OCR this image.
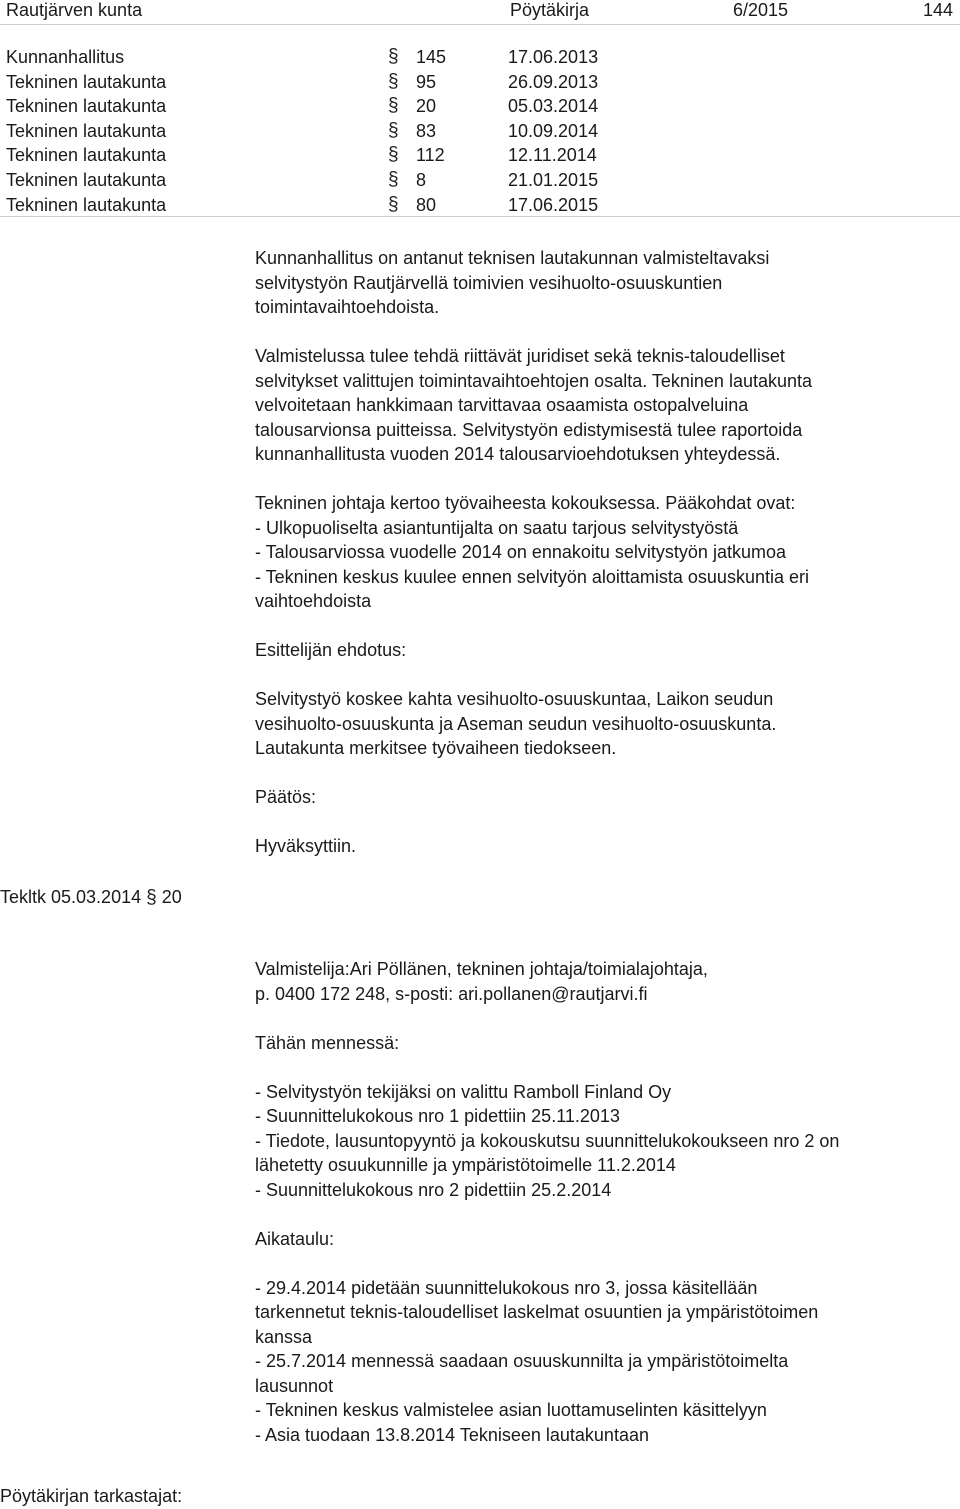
Rautjärven kunta	Pöytäkirja	6/2015	144
Kunnanhallitus	§ 145	17.06.2013
Tekninen lautakunta	§ 95	26.09.2013
Tekninen lautakunta	§ 20	05.03.2014
Tekninen lautakunta	§ 83	10.09.2014
Tekninen lautakunta	§ 112	12.11.2014
Tekninen lautakunta	§ 8	21.01.2015
Tekninen lautakunta	§ 80	17.06.2015

Kunnanhallitus on antanut teknisen lautakunnan valmisteltavaksi
selvitystyön Rautjärvellä toimivien vesihuolto-osuuskuntien
toimintavaihtoehdoista.

Valmistelussa tulee tehdä riittävät juridiset sekä teknis-taloudelliset
selvitykset valittujen toimintavaihtoehtojen osalta. Tekninen lautakunta
velvoitetaan hankkimaan tarvittavaa osaamista ostopalveluina
talousarvionsa puitteissa. Selvitystyön edistymisestä tulee raportoida
kunnanhallitusta vuoden 2014 talousarvioehdotuksen yhteydessä.

Tekninen johtaja kertoo työvaiheesta kokouksessa. Pääkohdat ovat:
- Ulkopuoliselta asiantuntijalta on saatu tarjous selvitystyöstä
- Talousarviossa vuodelle 2014 on ennakoitu selvitystyön jatkumoa
- Tekninen keskus kuulee ennen selvityön aloittamista osuuskuntia eri
vaihtoehdoista

Esittelijän ehdotus:

Selvitystyö koskee kahta vesihuolto-osuuskuntaa, Laikon seudun
vesihuolto-osuuskunta ja Aseman seudun vesihuolto-osuuskunta.
Lautakunta merkitsee työvaiheen tiedokseen.

Päätös:

Hyväksyttiin.

Tekltk 05.03.2014 § 20

Valmistelija:Ari Pöllänen, tekninen johtaja/toimialajohtaja,
p. 0400 172 248, s-posti: ari.pollanen@rautjarvi.fi

Tähän mennessä:

- Selvitystyön tekijäksi on valittu Ramboll Finland Oy
- Suunnittelukokous nro 1 pidettiin 25.11.2013
- Tiedote, lausuntopyyntö ja kokouskutsu suunnittelukokoukseen nro 2 on
lähetetty osuukunnille ja ympäristötoimelle 11.2.2014
- Suunnittelukokous nro 2 pidettiin 25.2.2014

Aikataulu:

- 29.4.2014 pidetään suunnittelukokous nro 3, jossa käsitellään
tarkennetut teknis-taloudelliset laskelmat osuuntien ja ympäristötoimen
kanssa
- 25.7.2014 mennessä saadaan osuuskunnilta ja ympäristötoimelta
lausunnot
- Tekninen keskus valmistelee asian luottamuselinten käsittelyyn
- Asia tuodaan 13.8.2014 Tekniseen lautakuntaan

Pöytäkirjan tarkastajat:
